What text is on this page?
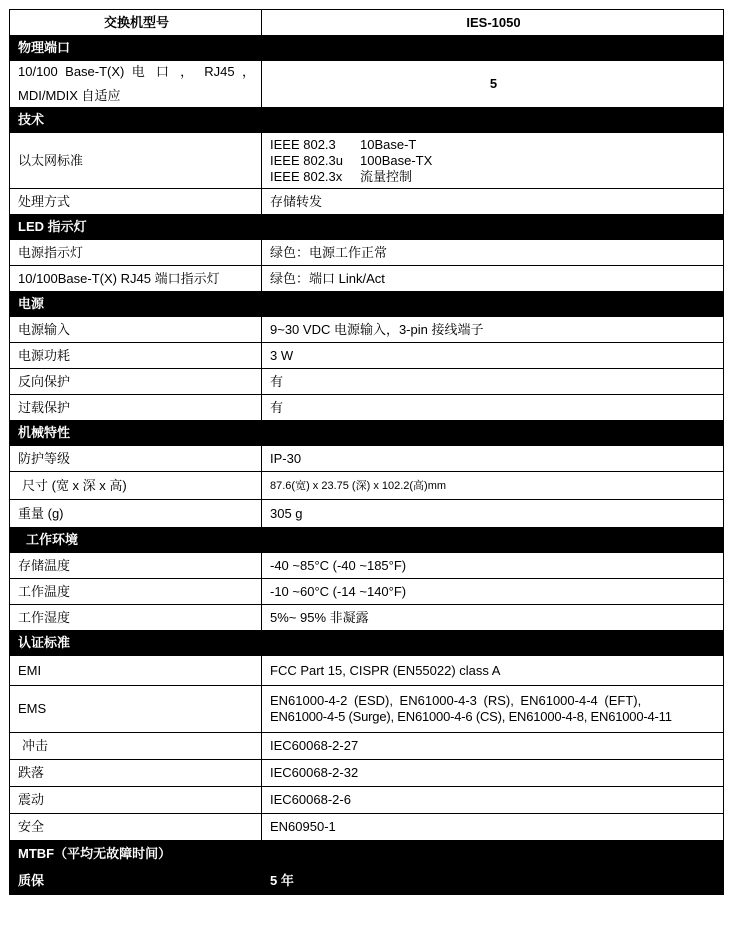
交换机型号	IES-1050
物理端口	

10/100 Base-T(X) 电 口 ， RJ45 ，
MDI/MDIX 自适应	5
技术	
以太网标准	IEEE 802.3 10Base-T
IEEE 802.3u 100Base-TX
IEEE 802.3x 流量控制

处理方式	存储转发
LED 指示灯	
电源指示灯	绿色：电源工作正常
10/100Base-T(X) RJ45 端口指示灯	绿色：端口 Link/Act
电源	
电源输入	9~30 VDC 电源输入，3-pin 接线端子
电源功耗	3 W
反向保护	有
过载保护	有
机械特性	
防护等级	IP-30
尺寸 (宽 x 深 x 高)	87.6(宽) x 23.75 (深) x 102.2(高)mm
重量 (g)	305 g
工作环境	
存储温度	-40 ~85°C (-40 ~185°F)
工作温度	-10 ~60°C (-14 ~140°F)
工作湿度	5%~ 95% 非凝露
认证标准	
EMI	FCC Part 15, CISPR (EN55022) class A
EMS	EN61000-4-2 (ESD), EN61000-4-3 (RS), EN61000-4-4 (EFT),
EN61000-4-5 (Surge), EN61000-4-6 (CS), EN61000-4-8, EN61000-4-11

冲击	IEC60068-2-27
跌落	IEC60068-2-32
震动	IEC60068-2-6
安全	EN60950-1
MTBF（平均无故障时间）	
质保	5 年
